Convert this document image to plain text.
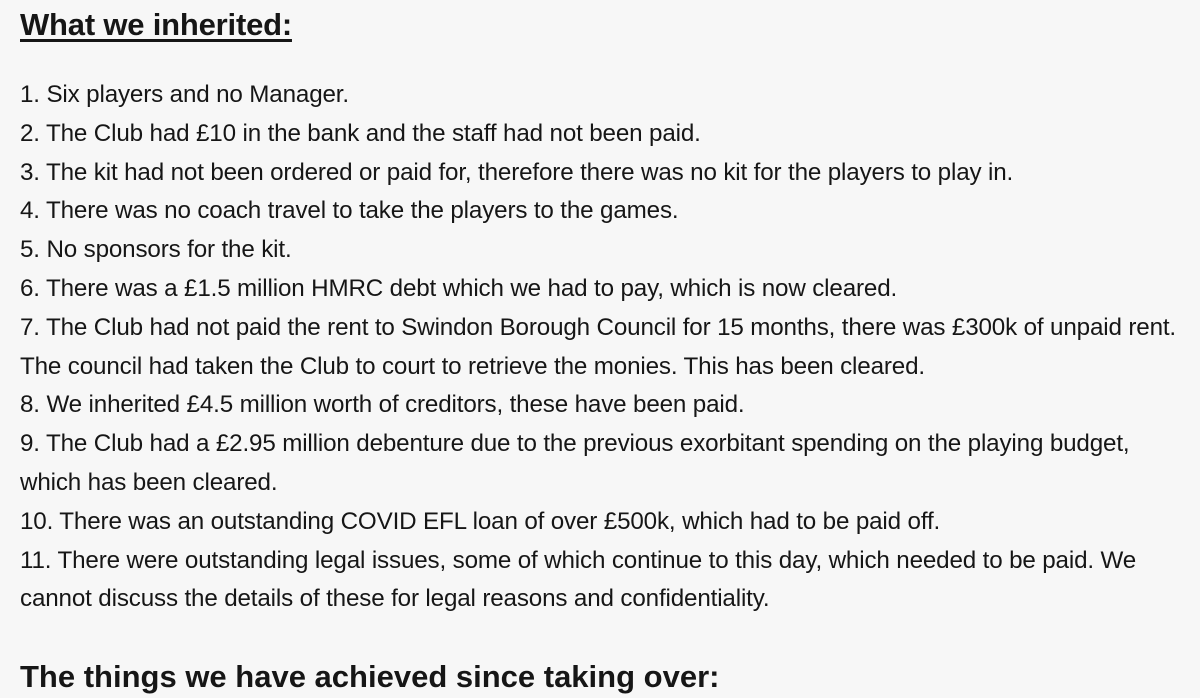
What we inherited:
1. Six players and no Manager.
2. The Club had £10 in the bank and the staff had not been paid.
3. The kit had not been ordered or paid for, therefore there was no kit for the players to play in.
4. There was no coach travel to take the players to the games.
5. No sponsors for the kit.
6. There was a £1.5 million HMRC debt which we had to pay, which is now cleared.
7. The Club had not paid the rent to Swindon Borough Council for 15 months, there was £300k of unpaid rent. The council had taken the Club to court to retrieve the monies. This has been cleared.
8. We inherited £4.5 million worth of creditors, these have been paid.
9. The Club had a £2.95 million debenture due to the previous exorbitant spending on the playing budget, which has been cleared.
10. There was an outstanding COVID EFL loan of over £500k, which had to be paid off.
11. There were outstanding legal issues, some of which continue to this day, which needed to be paid. We cannot discuss the details of these for legal reasons and confidentiality.
The things we have achieved since taking over:
